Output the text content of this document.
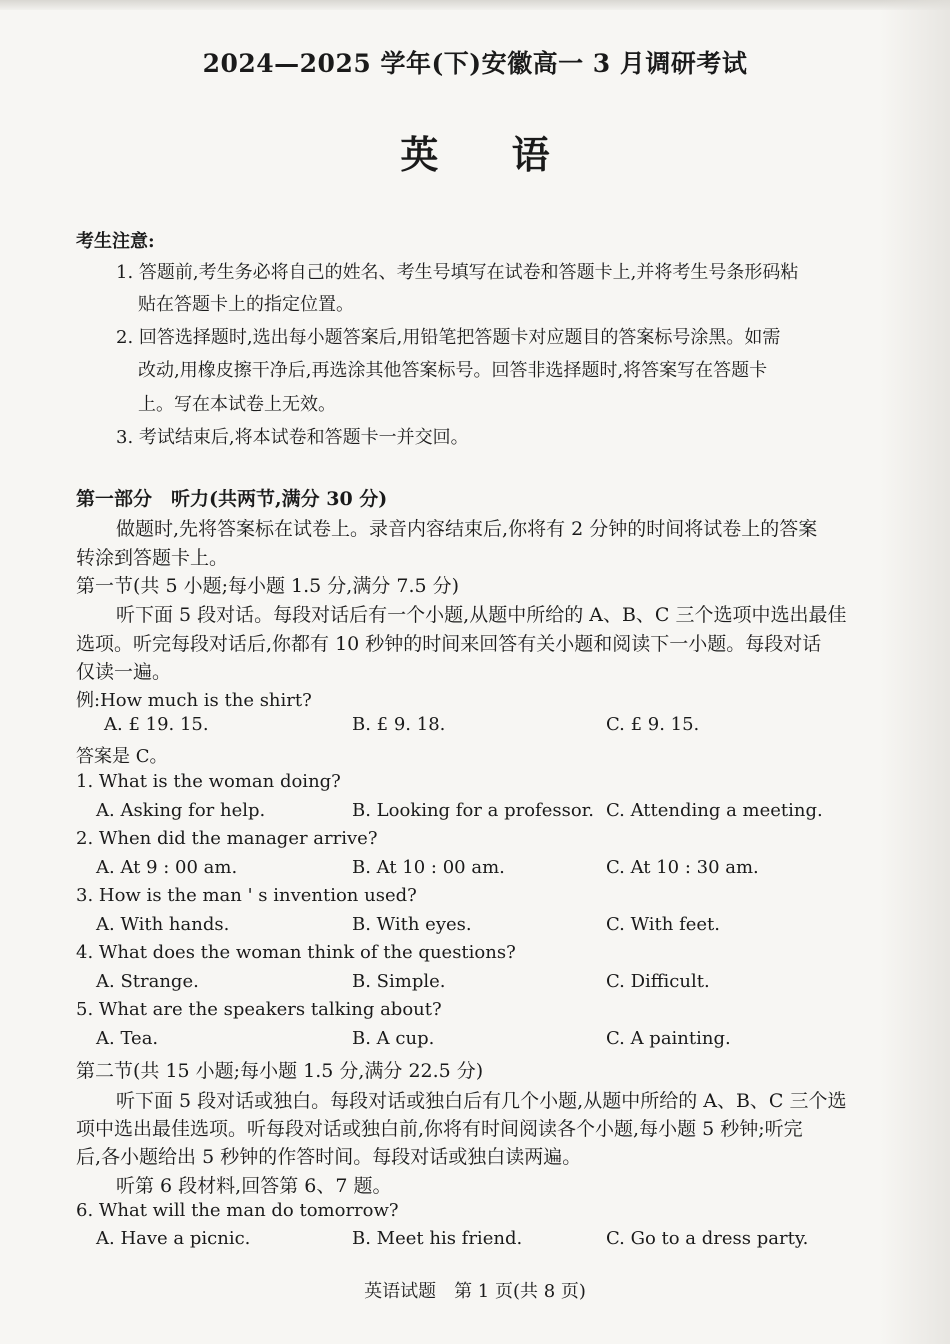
2024—2025 学年(下)安徽高一 3 月调研考试
英 语
考生注意:
1. 答题前,考生务必将自己的姓名、考生号填写在试卷和答题卡上,并将考生号条形码粘
贴在答题卡上的指定位置。
2. 回答选择题时,选出每小题答案后,用铅笔把答题卡对应题目的答案标号涂黑。如需
改动,用橡皮擦干净后,再选涂其他答案标号。回答非选择题时,将答案写在答题卡
上。写在本试卷上无效。
3. 考试结束后,将本试卷和答题卡一并交回。
第一部分　听力(共两节,满分 30 分)
做题时,先将答案标在试卷上。录音内容结束后,你将有 2 分钟的时间将试卷上的答案
转涂到答题卡上。
第一节(共 5 小题;每小题 1.5 分,满分 7.5 分)
听下面 5 段对话。每段对话后有一个小题,从题中所给的 A、B、C 三个选项中选出最佳
选项。听完每段对话后,你都有 10 秒钟的时间来回答有关小题和阅读下一小题。每段对话
仅读一遍。
例:How much is the shirt?
A. £ 19. 15.	B. £ 9. 18.	C. £ 9. 15.
答案是 C。
1. What is the woman doing?
A. Asking for help.	B. Looking for a professor. C. Attending a meeting.
2. When did the manager arrive?
A. At 9 : 00 am.	B. At 10 : 00 am.	C. At 10 : 30 am.
3. How is the man ' s invention used?
A. With hands.	B. With eyes.	C. With feet.
4. What does the woman think of the questions?
A. Strange.	B. Simple.	C. Difficult.
5. What are the speakers talking about?
A. Tea.	B. A cup.	C. A painting.
第二节(共 15 小题;每小题 1.5 分,满分 22.5 分)
听下面 5 段对话或独白。每段对话或独白后有几个小题,从题中所给的 A、B、C 三个选
项中选出最佳选项。听每段对话或独白前,你将有时间阅读各个小题,每小题 5 秒钟;听完
后,各小题给出 5 秒钟的作答时间。每段对话或独白读两遍。
听第 6 段材料,回答第 6、7 题。
6. What will the man do tomorrow?
A. Have a picnic.	B. Meet his friend.	C. Go to a dress party.
英语试题　第 1 页(共 8 页)
